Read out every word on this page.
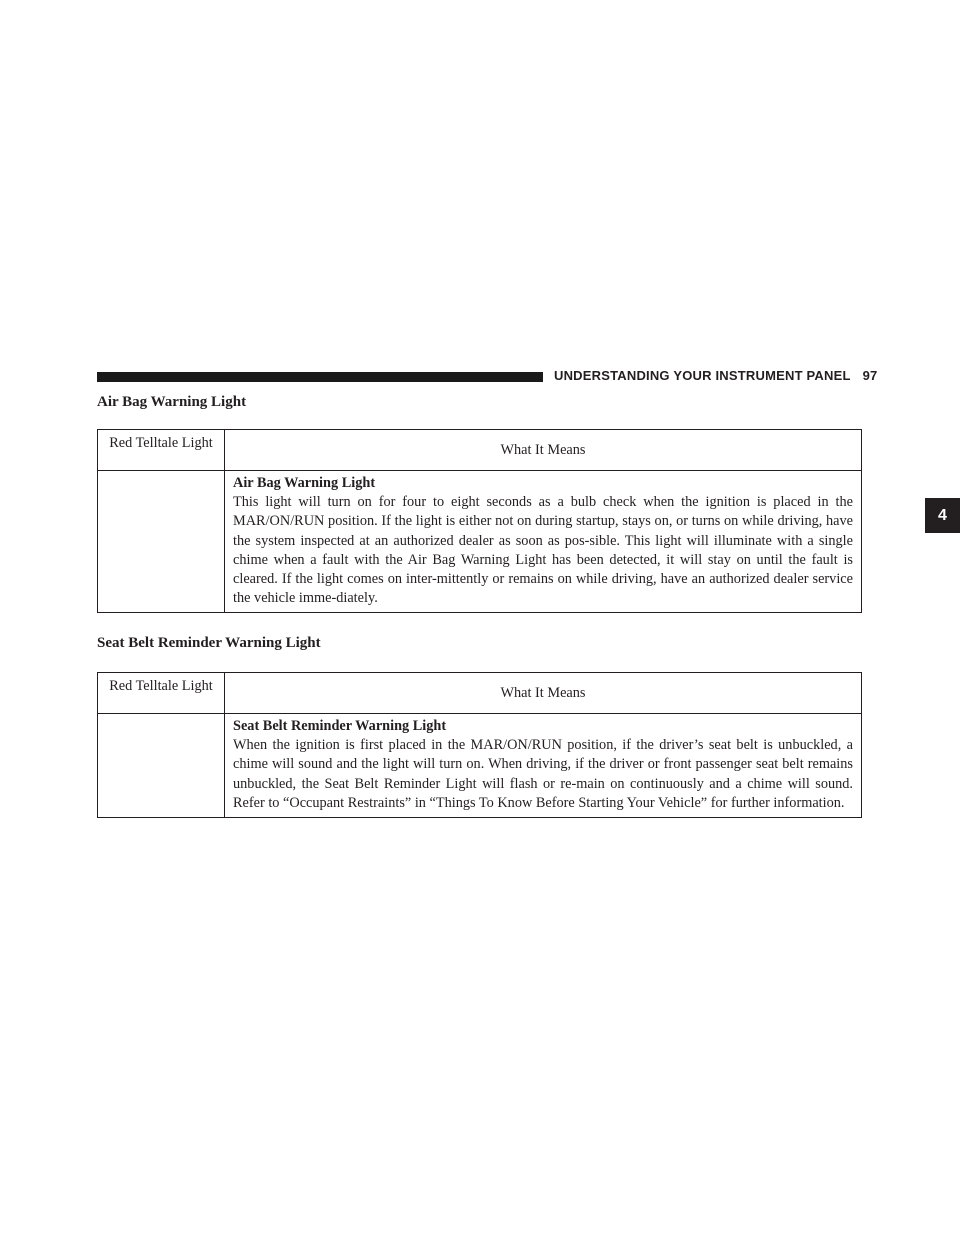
UNDERSTANDING YOUR INSTRUMENT PANEL 97
4
Air Bag Warning Light
Red Telltale Light	What It Means

	Air Bag Warning Light
This light will turn on for four to eight seconds as a bulb check when the ignition is placed in the MAR/ON/RUN position. If the light is either not on during startup, stays on, or turns on while driving, have the system inspected at an authorized dealer as soon as pos-sible. This light will illuminate with a single chime when a fault with the Air Bag Warning Light has been detected, it will stay on until the fault is cleared. If the light comes on inter-mittently or remains on while driving, have an authorized dealer service the vehicle imme-diately.
Seat Belt Reminder Warning Light
Red Telltale Light	What It Means

	Seat Belt Reminder Warning Light
When the ignition is first placed in the MAR/ON/RUN position, if the driver’s seat belt is unbuckled, a chime will sound and the light will turn on. When driving, if the driver or front passenger seat belt remains unbuckled, the Seat Belt Reminder Light will flash or re-main on continuously and a chime will sound. Refer to “Occupant Restraints” in “Things To Know Before Starting Your Vehicle” for further information.
